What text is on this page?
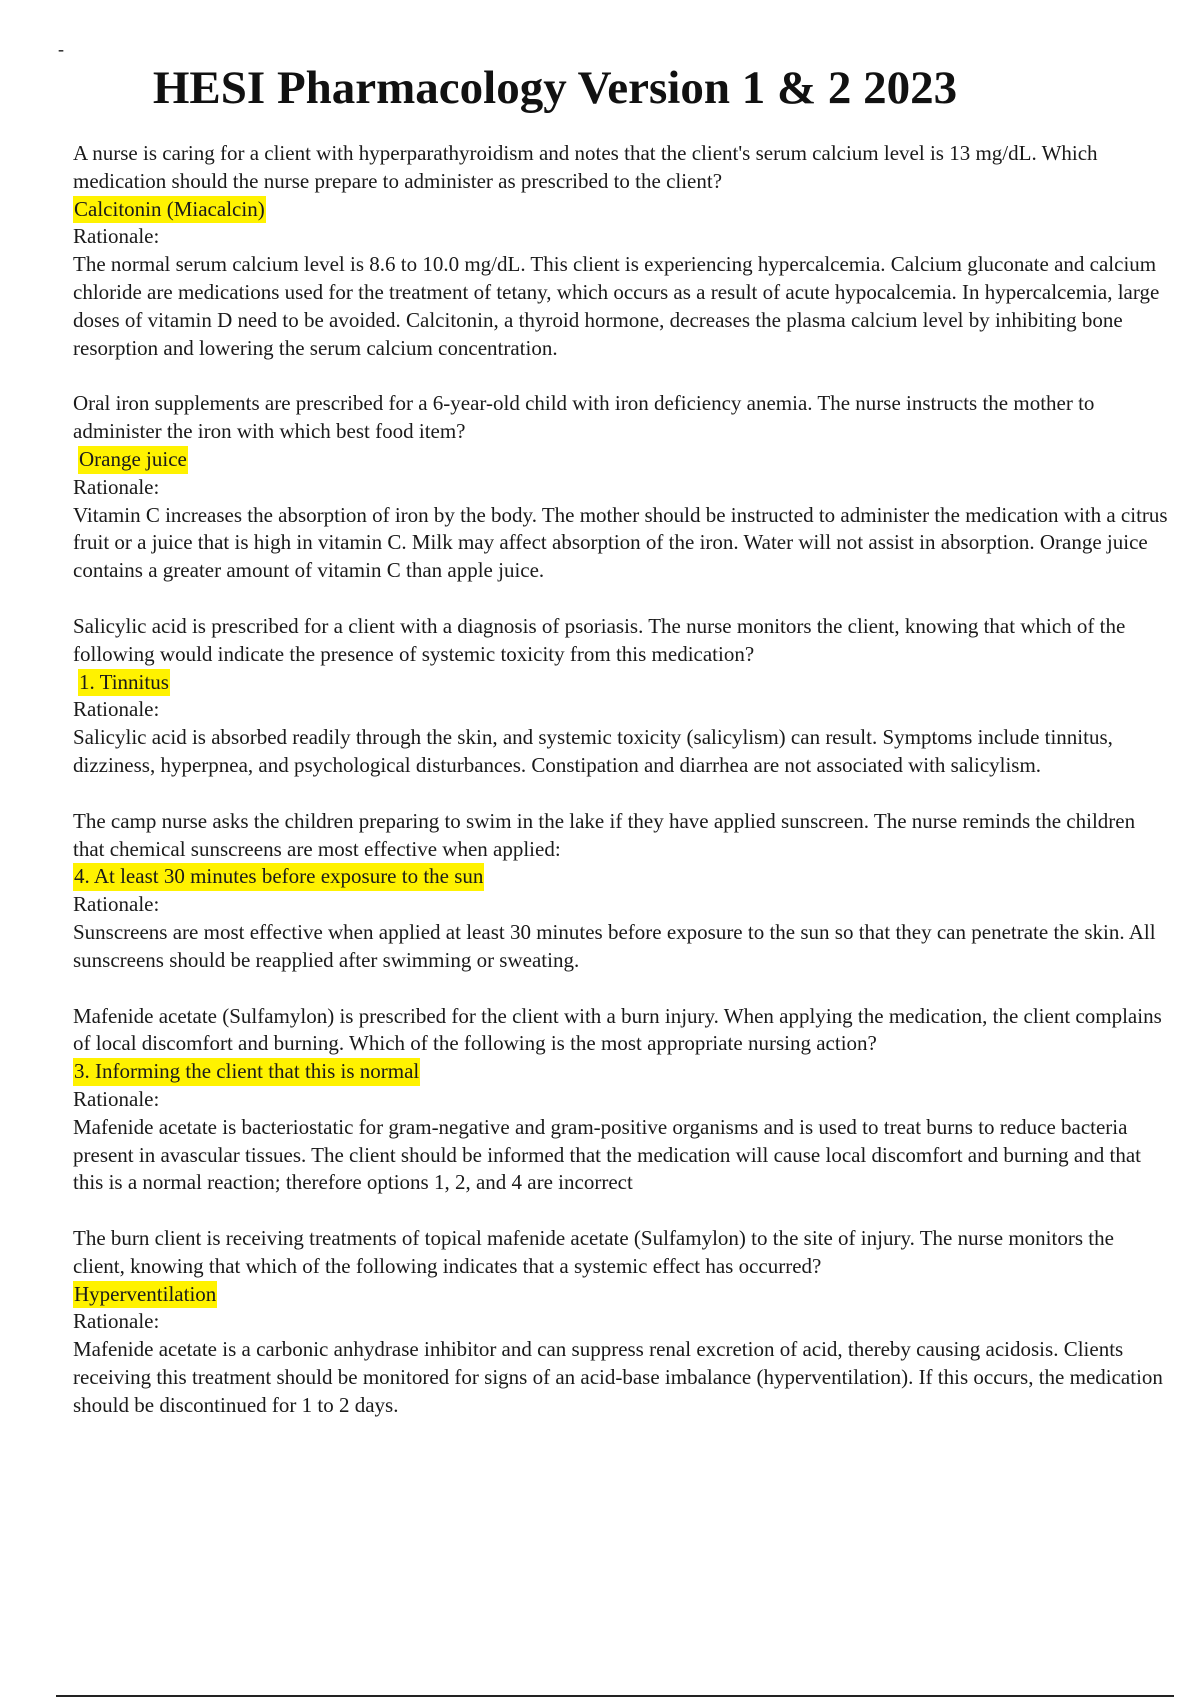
-
HESI Pharmacology Version 1 & 2 2023
A nurse is caring for a client with hyperparathyroidism and notes that the client's serum calcium level is 13 mg/dL. Which medication should the nurse prepare to administer as prescribed to the client?
Calcitonin (Miacalcin)
Rationale:
The normal serum calcium level is 8.6 to 10.0 mg/dL. This client is experiencing hypercalcemia. Calcium gluconate and calcium chloride are medications used for the treatment of tetany, which occurs as a result of acute hypocalcemia. In hypercalcemia, large doses of vitamin D need to be avoided. Calcitonin, a thyroid hormone, decreases the plasma calcium level by inhibiting bone resorption and lowering the serum calcium concentration.
Oral iron supplements are prescribed for a 6-year-old child with iron deficiency anemia. The nurse instructs the mother to administer the iron with which best food item?
Orange juice
Rationale:
Vitamin C increases the absorption of iron by the body. The mother should be instructed to administer the medication with a citrus fruit or a juice that is high in vitamin C. Milk may affect absorption of the iron. Water will not assist in absorption. Orange juice contains a greater amount of vitamin C than apple juice.
Salicylic acid is prescribed for a client with a diagnosis of psoriasis. The nurse monitors the client, knowing that which of the following would indicate the presence of systemic toxicity from this medication?
1. Tinnitus
Rationale:
Salicylic acid is absorbed readily through the skin, and systemic toxicity (salicylism) can result. Symptoms include tinnitus, dizziness, hyperpnea, and psychological disturbances. Constipation and diarrhea are not associated with salicylism.
The camp nurse asks the children preparing to swim in the lake if they have applied sunscreen. The nurse reminds the children that chemical sunscreens are most effective when applied:
4. At least 30 minutes before exposure to the sun
Rationale:
Sunscreens are most effective when applied at least 30 minutes before exposure to the sun so that they can penetrate the skin. All sunscreens should be reapplied after swimming or sweating.
Mafenide acetate (Sulfamylon) is prescribed for the client with a burn injury. When applying the medication, the client complains of local discomfort and burning. Which of the following is the most appropriate nursing action?
3. Informing the client that this is normal
Rationale:
Mafenide acetate is bacteriostatic for gram-negative and gram-positive organisms and is used to treat burns to reduce bacteria present in avascular tissues. The client should be informed that the medication will cause local discomfort and burning and that this is a normal reaction; therefore options 1, 2, and 4 are incorrect
The burn client is receiving treatments of topical mafenide acetate (Sulfamylon) to the site of injury. The nurse monitors the client, knowing that which of the following indicates that a systemic effect has occurred?
Hyperventilation
Rationale:
Mafenide acetate is a carbonic anhydrase inhibitor and can suppress renal excretion of acid, thereby causing acidosis. Clients receiving this treatment should be monitored for signs of an acid-base imbalance (hyperventilation). If this occurs, the medication should be discontinued for 1 to 2 days.
